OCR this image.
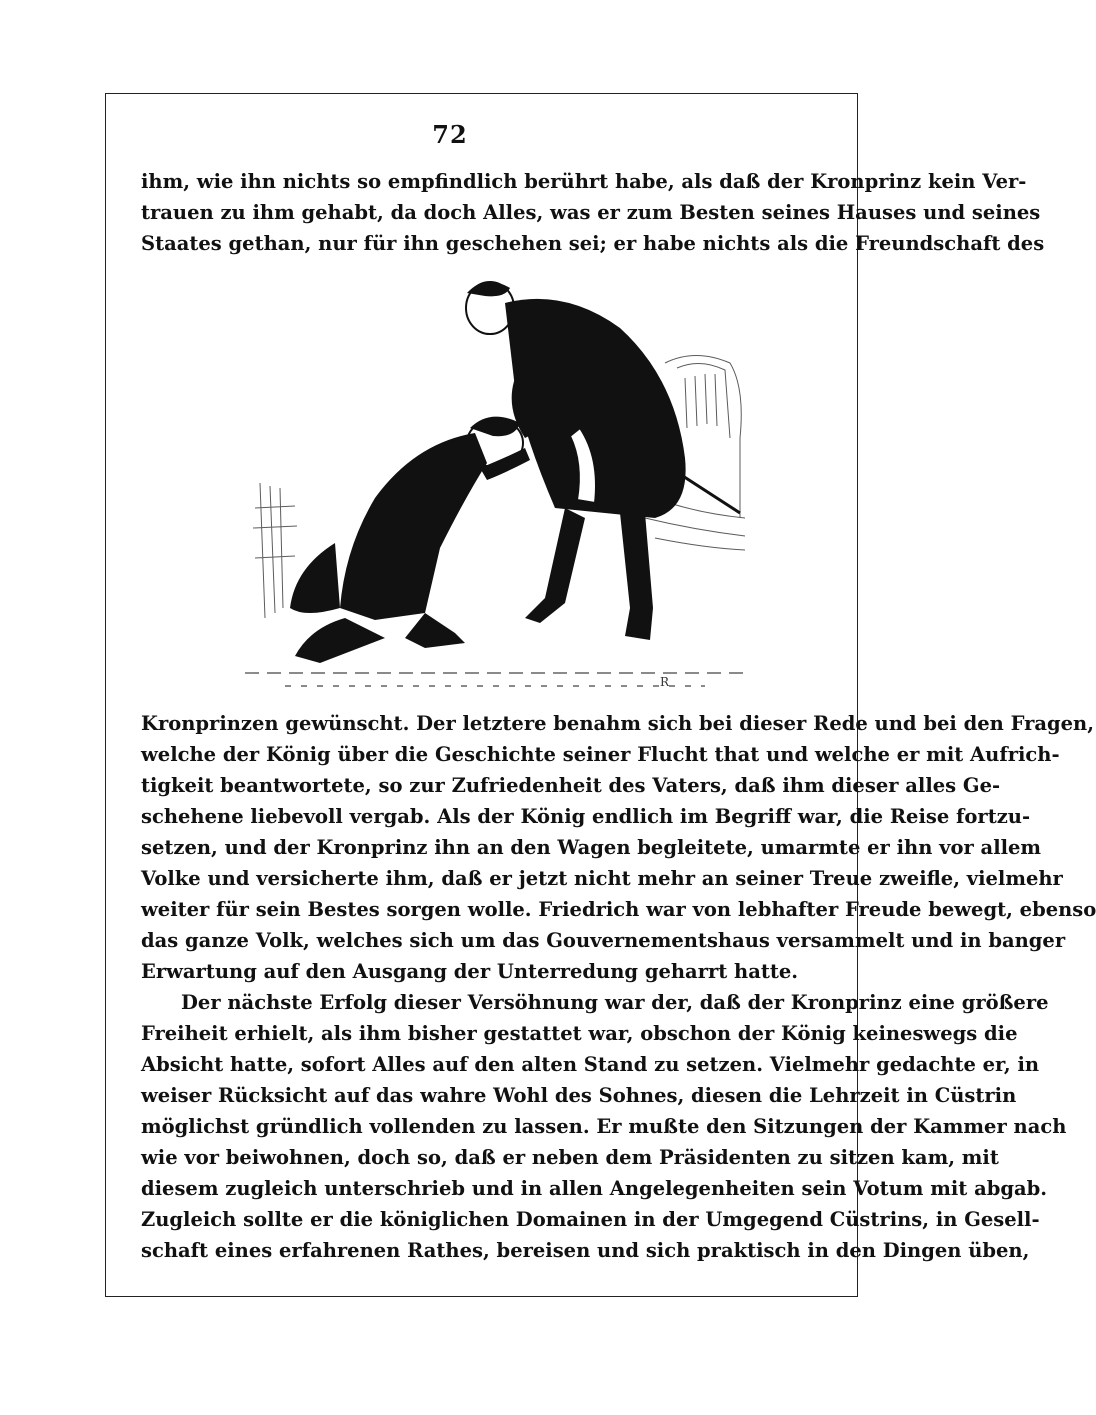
72
ihm, wie ihn nichts so empfindlich berührt habe, als daß der Kronprinz kein Ver-
trauen zu ihm gehabt, da doch Alles, was er zum Besten seines Hauses und seines
Staates gethan, nur für ihn geschehen sei; er habe nichts als die Freundschaft des
R
Kronprinzen gewünscht. Der letztere benahm sich bei dieser Rede und bei den Fragen,
welche der König über die Geschichte seiner Flucht that und welche er mit Aufrich-
tigkeit beantwortete, so zur Zufriedenheit des Vaters, daß ihm dieser alles Ge-
schehene liebevoll vergab. Als der König endlich im Begriff war, die Reise fortzu-
setzen, und der Kronprinz ihn an den Wagen begleitete, umarmte er ihn vor allem
Volke und versicherte ihm, daß er jetzt nicht mehr an seiner Treue zweifle, vielmehr
weiter für sein Bestes sorgen wolle. Friedrich war von lebhafter Freude bewegt, ebenso
das ganze Volk, welches sich um das Gouvernementshaus versammelt und in banger
Erwartung auf den Ausgang der Unterredung geharrt hatte.
Der nächste Erfolg dieser Versöhnung war der, daß der Kronprinz eine größere
Freiheit erhielt, als ihm bisher gestattet war, obschon der König keineswegs die
Absicht hatte, sofort Alles auf den alten Stand zu setzen. Vielmehr gedachte er, in
weiser Rücksicht auf das wahre Wohl des Sohnes, diesen die Lehrzeit in Cüstrin
möglichst gründlich vollenden zu lassen. Er mußte den Sitzungen der Kammer nach
wie vor beiwohnen, doch so, daß er neben dem Präsidenten zu sitzen kam, mit
diesem zugleich unterschrieb und in allen Angelegenheiten sein Votum mit abgab.
Zugleich sollte er die königlichen Domainen in der Umgegend Cüstrins, in Gesell-
schaft eines erfahrenen Rathes, bereisen und sich praktisch in den Dingen üben,
